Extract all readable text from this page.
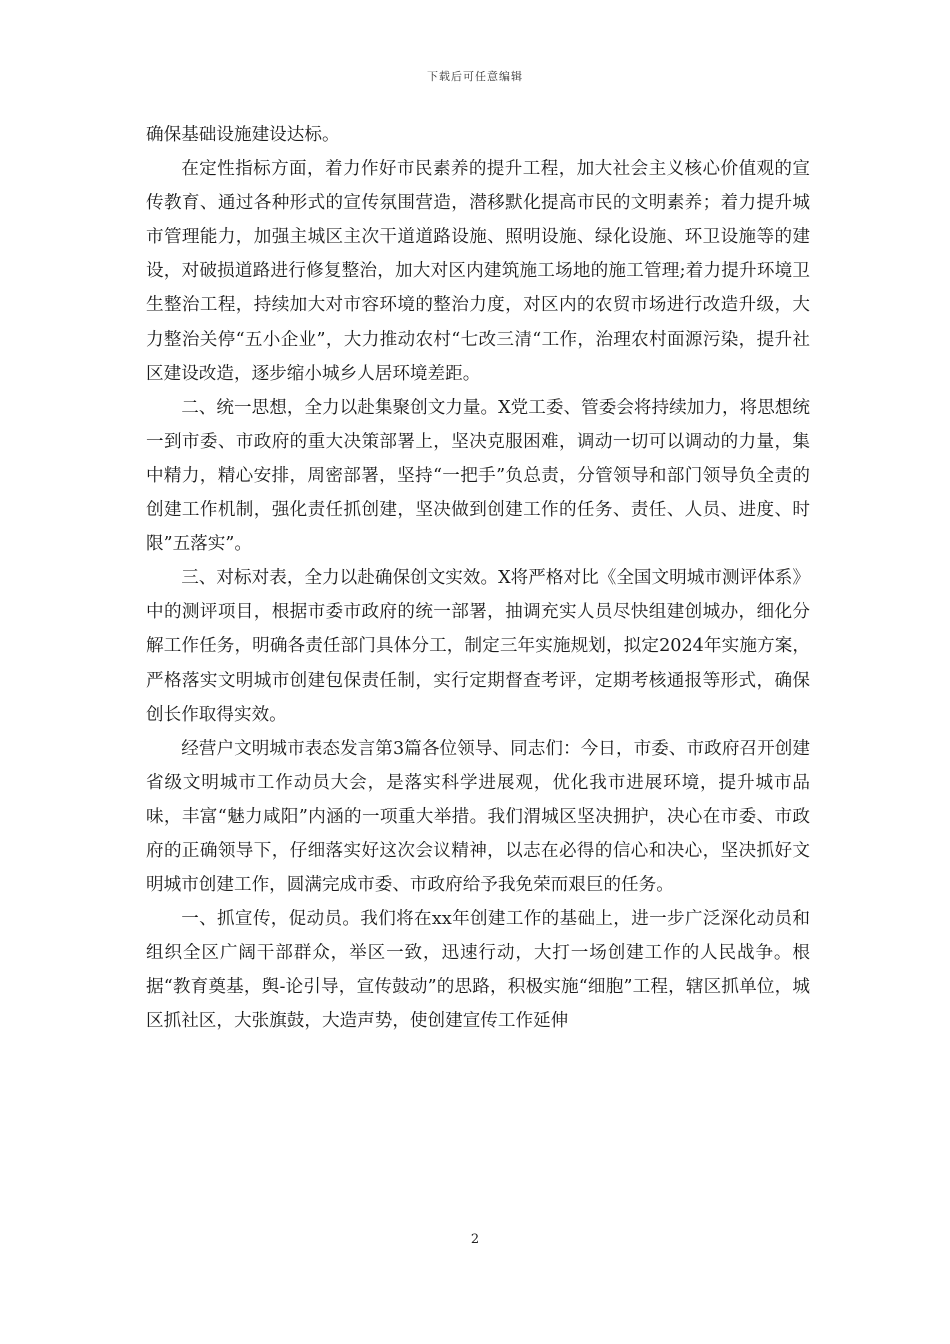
下载后可任意编辑

确保基础设施建设达标。

在定性指标方面，着力作好市民素养的提升工程，加大社会主义核心价值观的宣传教育、通过各种形式的宣传氛围营造，潜移默化提高市民的文明素养；着力提升城市管理能力，加强主城区主次干道道路设施、照明设施、绿化设施、环卫设施等的建设，对破损道路进行修复整治，加大对区内建筑施工场地的施工管理;着力提升环境卫生整治工程，持续加大对市容环境的整治力度，对区内的农贸市场进行改造升级，大力整治关停“五小企业”，大力推动农村“七改三清“工作，治理农村面源污染，提升社区建设改造，逐步缩小城乡人居环境差距。

二、统一思想，全力以赴集聚创文力量。X党工委、管委会将持续加力，将思想统一到市委、市政府的重大决策部署上，坚决克服困难，调动一切可以调动的力量，集中精力，精心安排，周密部署，坚持“一把手”负总责，分管领导和部门领导负全责的创建工作机制，强化责任抓创建，坚决做到创建工作的任务、责任、人员、进度、时限”五落实”。

三、对标对表，全力以赴确保创文实效。X将严格对比《全国文明城市测评体系》中的测评项目，根据市委市政府的统一部署，抽调充实人员尽快组建创城办，细化分解工作任务，明确各责任部门具体分工，制定三年实施规划，拟定2024年实施方案，严格落实文明城市创建包保责任制，实行定期督查考评，定期考核通报等形式，确保创长作取得实效。

经营户文明城市表态发言第3篇各位领导、同志们：今日，市委、市政府召开创建省级文明城市工作动员大会，是落实科学进展观，优化我市进展环境，提升城市品味，丰富“魅力咸阳”内涵的一项重大举措。我们渭城区坚决拥护，决心在市委、市政府的正确领导下，仔细落实好这次会议精神，以志在必得的信心和决心，坚决抓好文明城市创建工作，圆满完成市委、市政府给予我免荣而艰巨的任务。

一、抓宣传，促动员。我们将在xx年创建工作的基础上，进一步广泛深化动员和组织全区广阔干部群众，举区一致，迅速行动，大打一场创建工作的人民战争。根据“教育奠基，舆-论引导，宣传鼓动”的思路，积极实施“细胞”工程，辖区抓单位，城区抓社区，大张旗鼓，大造声势，使创建宣传工作延伸

2
